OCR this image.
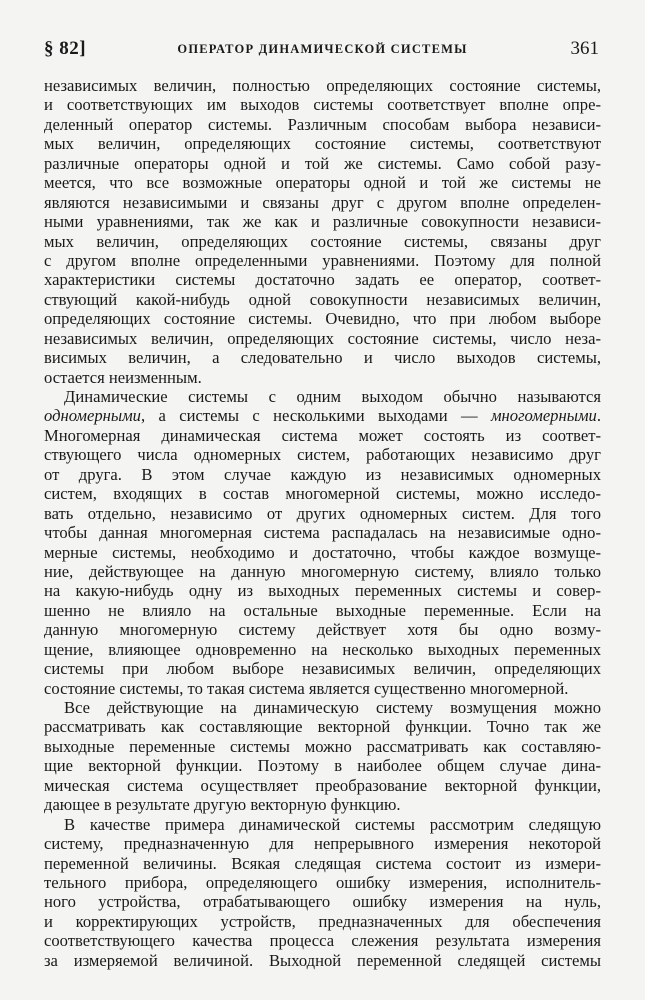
§ 82]	ОПЕРАТОР ДИНАМИЧЕСКОЙ СИСТЕМЫ	361
независимых величин, полностью определяющих состояние системы,
и соответствующих им выходов системы соответствует вполне опре-
деленный оператор системы. Различным способам выбора независи-
мых величин, определяющих состояние системы, соответствуют
различные операторы одной и той же системы. Само собой разу-
меется, что все возможные операторы одной и той же системы не
являются независимыми и связаны друг с другом вполне определен-
ными уравнениями, так же как и различные совокупности независи-
мых величин, определяющих состояние системы, связаны друг
с другом вполне определенными уравнениями. Поэтому для полной
характеристики системы достаточно задать ее оператор, соответ-
ствующий какой-нибудь одной совокупности независимых величин,
определяющих состояние системы. Очевидно, что при любом выборе
независимых величин, определяющих состояние системы, число неза-
висимых величин, а следовательно и число выходов системы,
остается неизменным.
Динамические системы с одним выходом обычно называются
одномерными, а системы с несколькими выходами — многомерными.
Многомерная динамическая система может состоять из соответ-
ствующего числа одномерных систем, работающих независимо друг
от друга. В этом случае каждую из независимых одномерных
систем, входящих в состав многомерной системы, можно исследо-
вать отдельно, независимо от других одномерных систем. Для того
чтобы данная многомерная система распадалась на независимые одно-
мерные системы, необходимо и достаточно, чтобы каждое возмуще-
ние, действующее на данную многомерную систему, влияло только
на какую-нибудь одну из выходных переменных системы и совер-
шенно не влияло на остальные выходные переменные. Если на
данную многомерную систему действует хотя бы одно возму-
щение, влияющее одновременно на несколько выходных переменных
системы при любом выборе независимых величин, определяющих
состояние системы, то такая система является существенно многомерной.
Все действующие на динамическую систему возмущения можно
рассматривать как составляющие векторной функции. Точно так же
выходные переменные системы можно рассматривать как составляю-
щие векторной функции. Поэтому в наиболее общем случае дина-
мическая система осуществляет преобразование векторной функции,
дающее в результате другую векторную функцию.
В качестве примера динамической системы рассмотрим следящую
систему, предназначенную для непрерывного измерения некоторой
переменной величины. Всякая следящая система состоит из измери-
тельного прибора, определяющего ошибку измерения, исполнитель-
ного устройства, отрабатывающего ошибку измерения на нуль,
и корректирующих устройств, предназначенных для обеспечения
соответствующего качества процесса слежения результата измерения
за измеряемой величиной. Выходной переменной следящей системы
